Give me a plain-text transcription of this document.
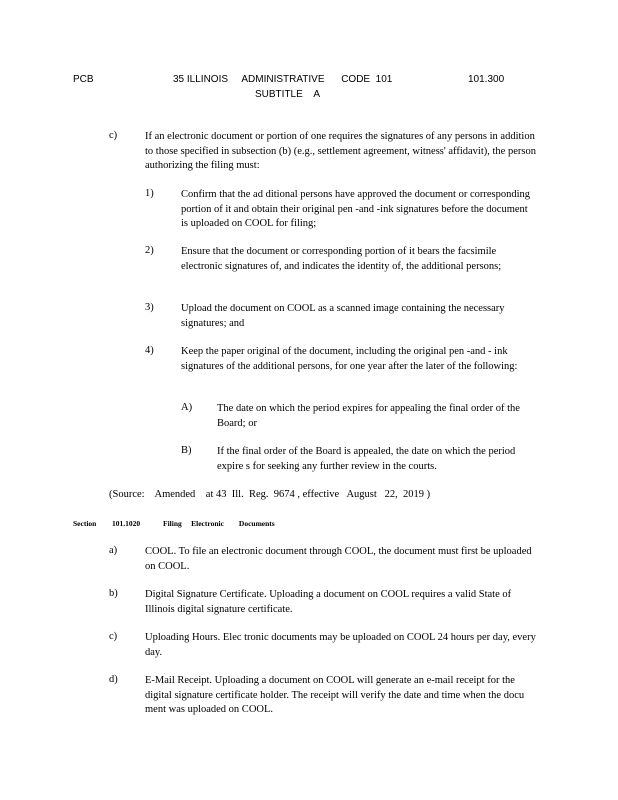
PCB	35 ILLINOIS     ADMINISTRATIVE      CODE  101
SUBTITLE    A
101.300
c)	If an electronic document or portion of one requires the signatures of any persons in addition to those specified in subsection (b) (e.g., settlement agreement, witness' affidavit), the person authorizing the filing must:
1)	Confirm that the ad ditional persons have approved the document or corresponding portion of it and obtain their original pen -and -ink signatures before the document is uploaded on COOL for filing;
2)	Ensure that the document or corresponding portion of it bears the facsimile electronic signatures of, and indicates the identity of, the additional persons;
3)	Upload the document on COOL as a scanned image containing the necessary signatures; and
4)	Keep the paper original of the document, including the original pen -and - ink signatures of the additional persons, for one year after the later of the following:
A) The date on which the period expires for appealing the final order of the Board; or
B) If the final order of the Board is appealed, the date on which the period expire s for seeking any further review in the courts.
(Source:    Amended    at 43  Ill.  Reg.  9674 , effective   August   22,  2019 )
Section 101.1020	Filing     Electronic        Documents
a)	COOL. To file an electronic document through COOL, the document must first be uploaded on COOL.
b)	Digital Signature Certificate. Uploading a document on COOL requires a valid State of Illinois digital signature certificate.
c)	Uploading Hours. Elec tronic documents may be uploaded on COOL 24 hours per day, every day.
d)	E-Mail Receipt. Uploading a document on COOL will generate an e-mail receipt for the digital signature certificate holder. The receipt will verify the date and time when the docu ment was uploaded on COOL.
